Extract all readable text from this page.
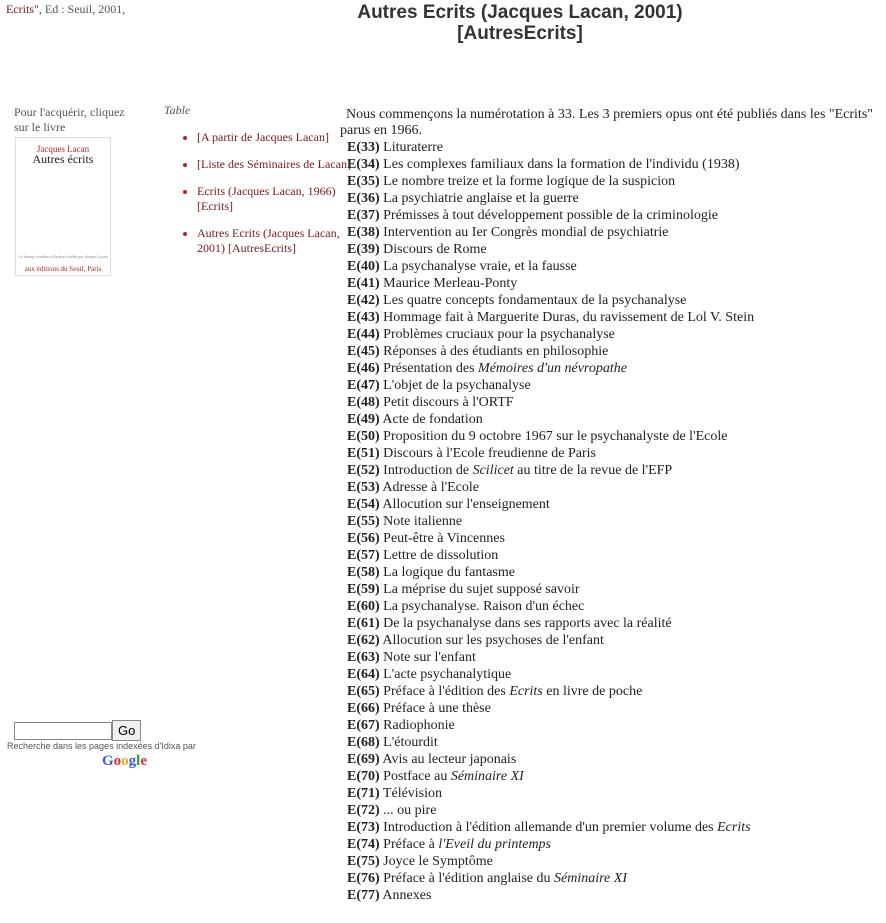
Ecrits", Ed : Seuil, 2001,	Autres Ecrits (Jacques Lacan, 2001)
[AutresEcrits]
Pour l'acquérir, cliquez sur le livre
Jacques Lacan
Autres écrits
Le champ freudien collection fondée par Jacques Lacan
aux éditions du Seuil, Paris
Table
• [A partir de Jacques Lacan]
• [Liste des Séminaires de Lacan]
• Ecrits (Jacques Lacan, 1966) [Ecrits]
• Autres Ecrits (Jacques Lacan, 2001) [AutresEcrits]
Go
Recherche dans les pages indexées d'Idixa par
Google
Nous commençons la numérotation à 33. Les 3 premiers opus ont été publiés dans les "Ecrits" parus en 1966.
E(33) Lituraterre
E(34) Les complexes familiaux dans la formation de l'individu (1938)
E(35) Le nombre treize et la forme logique de la suspicion
E(36) La psychiatrie anglaise et la guerre
E(37) Prémisses à tout développement possible de la criminologie
E(38) Intervention au Ier Congrès mondial de psychiatrie
E(39) Discours de Rome
E(40) La psychanalyse vraie, et la fausse
E(41) Maurice Merleau-Ponty
E(42) Les quatre concepts fondamentaux de la psychanalyse
E(43) Hommage fait à Marguerite Duras, du ravissement de Lol V. Stein
E(44) Problèmes cruciaux pour la psychanalyse
E(45) Réponses à des étudiants en philosophie
E(46) Présentation des Mémoires d'un névropathe
E(47) L'objet de la psychanalyse
E(48) Petit discours à l'ORTF
E(49) Acte de fondation
E(50) Proposition du 9 octobre 1967 sur le psychanalyste de l'Ecole
E(51) Discours à l'Ecole freudienne de Paris
E(52) Introduction de Scilicet au titre de la revue de l'EFP
E(53) Adresse à l'Ecole
E(54) Allocution sur l'enseignement
E(55) Note italienne
E(56) Peut-être à Vincennes
E(57) Lettre de dissolution
E(58) La logique du fantasme
E(59) La méprise du sujet supposé savoir
E(60) La psychanalyse. Raison d'un échec
E(61) De la psychanalyse dans ses rapports avec la réalité
E(62) Allocution sur les psychoses de l'enfant
E(63) Note sur l'enfant
E(64) L'acte psychanalytique
E(65) Préface à l'édition des Ecrits en livre de poche
E(66) Préface à une thèse
E(67) Radiophonie
E(68) L'étourdit
E(69) Avis au lecteur japonais
E(70) Postface au Séminaire XI
E(71) Télévision
E(72) ... ou pire
E(73) Introduction à l'édition allemande d'un premier volume des Ecrits
E(74) Préface à l'Eveil du printemps
E(75) Joyce le Symptôme
E(76) Préface à l'édition anglaise du Séminaire XI
E(77) Annexes
